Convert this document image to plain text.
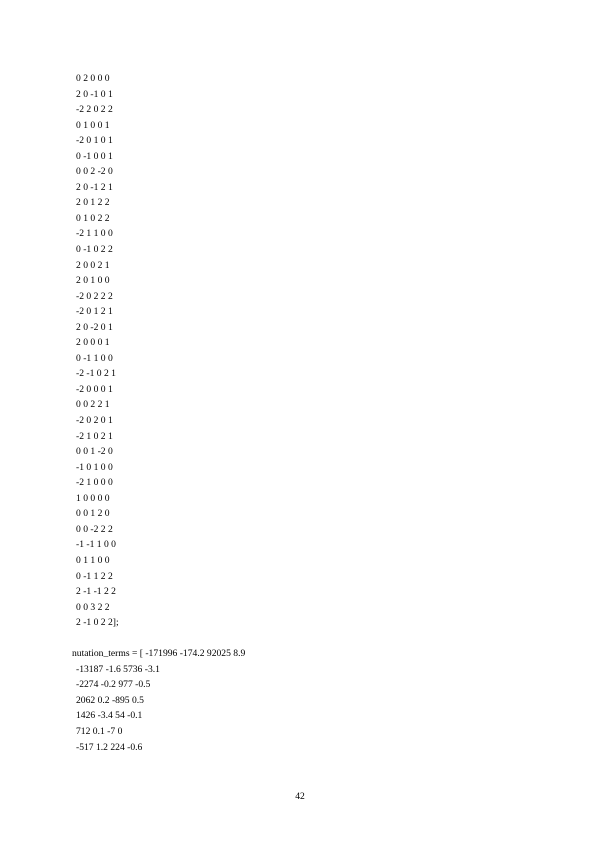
0 2 0 0 0
2 0 -1 0 1
-2 2 0 2 2
0 1 0 0 1
-2 0 1 0 1
0 -1 0 0 1
0 0 2 -2 0
2 0 -1 2 1
2 0 1 2 2
0 1 0 2 2
-2 1 1 0 0
0 -1 0 2 2
2 0 0 2 1
2 0 1 0 0
-2 0 2 2 2
-2 0 1 2 1
2 0 -2 0 1
2 0 0 0 1
0 -1 1 0 0
-2 -1 0 2 1
-2 0 0 0 1
0 0 2 2 1
-2 0 2 0 1
-2 1 0 2 1
0 0 1 -2 0
-1 0 1 0 0
-2 1 0 0 0
1 0 0 0 0
0 0 1 2 0
0 0 -2 2 2
-1 -1 1 0 0
0 1 1 0 0
0 -1 1 2 2
2 -1 -1 2 2
0 0 3 2 2
2 -1 0 2 2];
nutation_terms = [ -171996 -174.2 92025 8.9
-13187 -1.6 5736 -3.1
-2274 -0.2 977 -0.5
2062 0.2 -895 0.5
1426 -3.4 54 -0.1
712 0.1 -7 0
-517 1.2 224 -0.6
42
